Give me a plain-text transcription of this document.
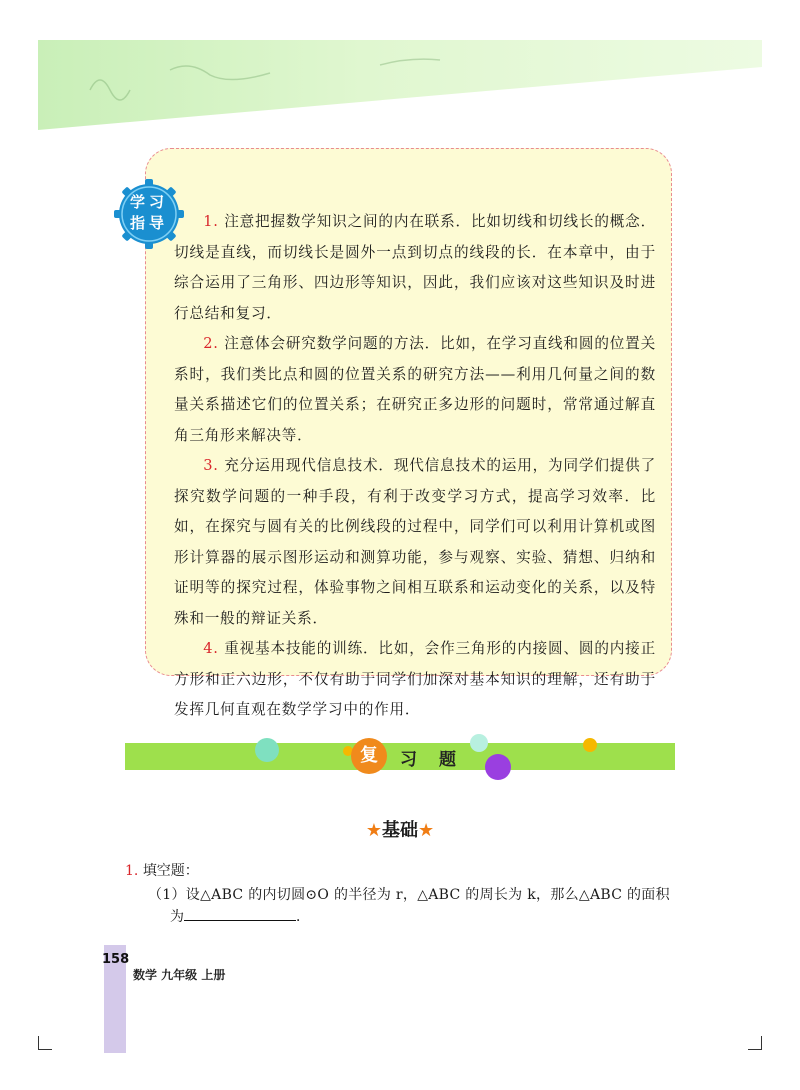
学习
指导	1. 注意把握数学知识之间的内在联系．比如切线和切线长的概念．切线是直线，而切线长是圆外一点到切点的线段的长．在本章中，由于综合运用了三角形、四边形等知识，因此，我们应该对这些知识及时进行总结和复习．

2. 注意体会研究数学问题的方法．比如，在学习直线和圆的位置关系时，我们类比点和圆的位置关系的研究方法——利用几何量之间的数量关系描述它们的位置关系；在研究正多边形的问题时，常常通过解直角三角形来解决等．

3. 充分运用现代信息技术．现代信息技术的运用，为同学们提供了探究数学问题的一种手段，有利于改变学习方式，提高学习效率．比如，在探究与圆有关的比例线段的过程中，同学们可以利用计算机或图形计算器的展示图形运动和测算功能，参与观察、实验、猜想、归纳和证明等的探究过程，体验事物之间相互联系和运动变化的关系，以及特殊和一般的辩证关系．

4. 重视基本技能的训练．比如，会作三角形的内接圆、圆的内接正方形和正六边形，不仅有助于同学们加深对基本知识的理解，还有助于发挥几何直观在数学学习中的作用．

复	习题
★基础★
1. 填空题：
（1）设△ABC 的内切圆⊙O 的半径为 r，△ABC 的周长为 k，那么△ABC 的面积
为	．
158
数学 九年级 上册
